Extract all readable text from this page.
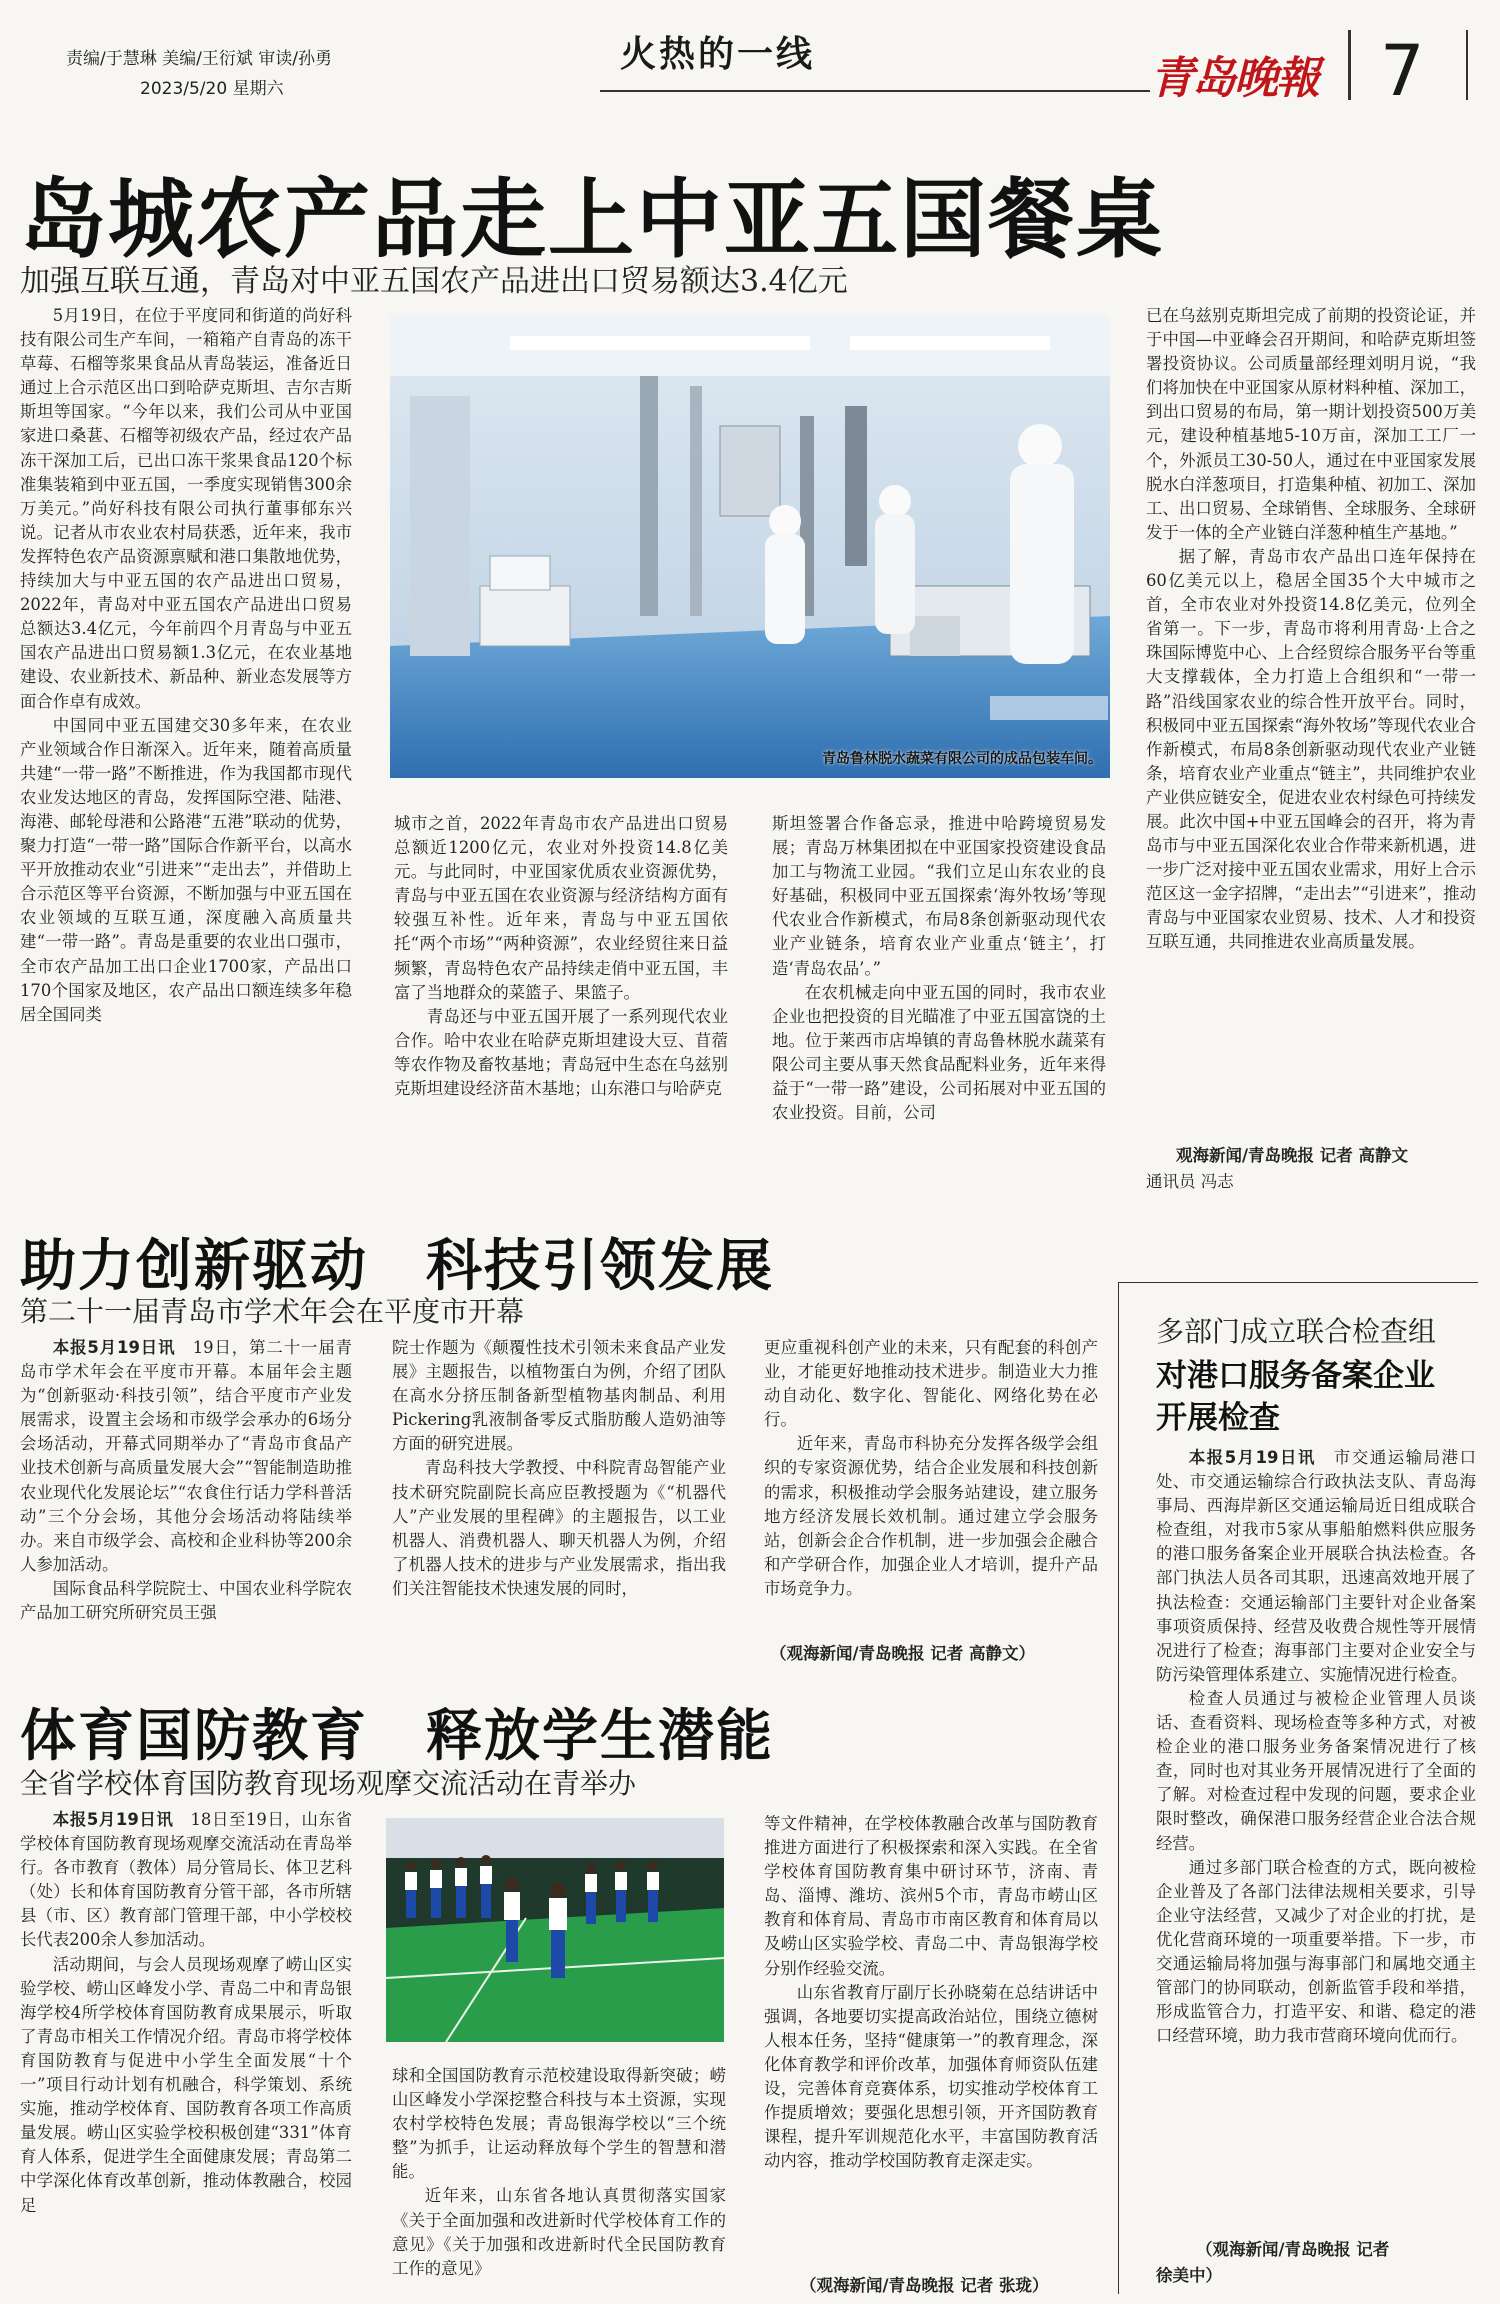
责编/于慧琳 美编/王衍斌 审读/孙勇
2023/5/20 星期六
火热的一线	青岛晚報 7
岛城农产品走上中亚五国餐桌
加强互联互通，青岛对中亚五国农产品进出口贸易额达3.4亿元

5月19日，在位于平度同和街道的尚好科技有限公司生产车间，一箱箱产自青岛的冻干草莓、石榴等浆果食品从青岛装运，准备近日通过上合示范区出口到哈萨克斯坦、吉尔吉斯斯坦等国家。“今年以来，我们公司从中亚国家进口桑葚、石榴等初级农产品，经过农产品冻干深加工后，已出口冻干浆果食品120个标准集装箱到中亚五国，一季度实现销售300余万美元。”尚好科技有限公司执行董事郁东兴说。记者从市农业农村局获悉，近年来，我市发挥特色农产品资源禀赋和港口集散地优势，持续加大与中亚五国的农产品进出口贸易，2022年，青岛对中亚五国农产品进出口贸易总额达3.4亿元，今年前四个月青岛与中亚五国农产品进出口贸易额1.3亿元，在农业基地建设、农业新技术、新品种、新业态发展等方面合作卓有成效。

中国同中亚五国建交30多年来，在农业产业领域合作日渐深入。近年来，随着高质量共建“一带一路”不断推进，作为我国都市现代农业发达地区的青岛，发挥国际空港、陆港、海港、邮轮母港和公路港“五港”联动的优势，聚力打造“一带一路”国际合作新平台，以高水平开放推动农业“引进来”“走出去”，并借助上合示范区等平台资源，不断加强与中亚五国在农业领域的互联互通，深度融入高质量共建“一带一路”。青岛是重要的农业出口强市，全市农产品加工出口企业1700家，产品出口170个国家及地区，农产品出口额连续多年稳居全国同类

青岛鲁林脱水蔬菜有限公司的成品包装车间。

城市之首，2022年青岛市农产品进出口贸易总额近1200亿元，农业对外投资14.8亿美元。与此同时，中亚国家优质农业资源优势，青岛与中亚五国在农业资源与经济结构方面有较强互补性。近年来，青岛与中亚五国依托“两个市场”“两种资源”，农业经贸往来日益频繁，青岛特色农产品持续走俏中亚五国，丰富了当地群众的菜篮子、果篮子。

青岛还与中亚五国开展了一系列现代农业合作。哈中农业在哈萨克斯坦建设大豆、苜蓿等农作物及畜牧基地；青岛冠中生态在乌兹别克斯坦建设经济苗木基地；山东港口与哈萨克

斯坦签署合作备忘录，推进中哈跨境贸易发展；青岛万林集团拟在中亚国家投资建设食品加工与物流工业园。“我们立足山东农业的良好基础，积极同中亚五国探索‘海外牧场’等现代农业合作新模式，布局8条创新驱动现代农业产业链条，培育农业产业重点‘链主’，打造‘青岛农品’。”

在农机械走向中亚五国的同时，我市农业企业也把投资的目光瞄准了中亚五国富饶的土地。位于莱西市店埠镇的青岛鲁林脱水蔬菜有限公司主要从事天然食品配料业务，近年来得益于“一带一路”建设，公司拓展对中亚五国的农业投资。目前，公司

已在乌兹别克斯坦完成了前期的投资论证，并于中国—中亚峰会召开期间，和哈萨克斯坦签署投资协议。公司质量部经理刘明月说，“我们将加快在中亚国家从原材料种植、深加工，到出口贸易的布局，第一期计划投资500万美元，建设种植基地5-10万亩，深加工工厂一个，外派员工30-50人，通过在中亚国家发展脱水白洋葱项目，打造集种植、初加工、深加工、出口贸易、全球销售、全球服务、全球研发于一体的全产业链白洋葱种植生产基地。”

据了解，青岛市农产品出口连年保持在60亿美元以上，稳居全国35个大中城市之首，全市农业对外投资14.8亿美元，位列全省第一。下一步，青岛市将利用青岛·上合之珠国际博览中心、上合经贸综合服务平台等重大支撑载体，全力打造上合组织和“一带一路”沿线国家农业的综合性开放平台。同时，积极同中亚五国探索“海外牧场”等现代农业合作新模式，布局8条创新驱动现代农业产业链条，培育农业产业重点“链主”，共同维护农业产业供应链安全，促进农业农村绿色可持续发展。此次中国+中亚五国峰会的召开，将为青岛市与中亚五国深化农业合作带来新机遇，进一步广泛对接中亚五国农业需求，用好上合示范区这一金字招牌，“走出去”“引进来”，推动青岛与中亚国家农业贸易、技术、人才和投资互联互通，共同推进农业高质量发展。

观海新闻/青岛晚报 记者 高静文
通讯员 冯志
助力创新驱动　科技引领发展
第二十一届青岛市学术年会在平度市开幕

本报5月19日讯　 19日，第二十一届青岛市学术年会在平度市开幕。本届年会主题为“创新驱动·科技引领”，结合平度市产业发展需求，设置主会场和市级学会承办的6场分会场活动，开幕式同期举办了“青岛市食品产业技术创新与高质量发展大会”“智能制造助推农业现代化发展论坛”“农食住行话力学科普活动”三个分会场，其他分会场活动将陆续举办。来自市级学会、高校和企业科协等200余人参加活动。

国际食品科学院院士、中国农业科学院农产品加工研究所研究员王强

院士作题为《颠覆性技术引领未来食品产业发展》主题报告，以植物蛋白为例，介绍了团队在高水分挤压制备新型植物基肉制品、利用Pickering乳液制备零反式脂肪酸人造奶油等方面的研究进展。

青岛科技大学教授、中科院青岛智能产业技术研究院副院长高应臣教授题为《“机器代人”产业发展的里程碑》的主题报告，以工业机器人、消费机器人、聊天机器人为例，介绍了机器人技术的进步与产业发展需求，指出我们关注智能技术快速发展的同时，

更应重视科创产业的未来，只有配套的科创产业，才能更好地推动技术进步。制造业大力推动自动化、数字化、智能化、网络化势在必行。

近年来，青岛市科协充分发挥各级学会组织的专家资源优势，结合企业发展和科技创新的需求，积极推动学会服务站建设，建立服务地方经济发展长效机制。通过建立学会服务站，创新会企合作机制，进一步加强会企融合和产学研合作，加强企业人才培训，提升产品市场竞争力。

（观海新闻/青岛晚报 记者 高静文）
多部门成立联合检查组
对港口服务备案企业
开展检查

本报5月19日讯　 市交通运输局港口处、市交通运输综合行政执法支队、青岛海事局、西海岸新区交通运输局近日组成联合检查组，对我市5家从事船舶燃料供应服务的港口服务备案企业开展联合执法检查。各部门执法人员各司其职，迅速高效地开展了执法检查：交通运输部门主要针对企业备案事项资质保持、经营及收费合规性等开展情况进行了检查；海事部门主要对企业安全与防污染管理体系建立、实施情况进行检查。

检查人员通过与被检企业管理人员谈话、查看资料、现场检查等多种方式，对被检企业的港口服务业务备案情况进行了核查，同时也对其业务开展情况进行了全面的了解。对检查过程中发现的问题，要求企业限时整改，确保港口服务经营企业合法合规经营。

通过多部门联合检查的方式，既向被检企业普及了各部门法律法规相关要求，引导企业守法经营，又减少了对企业的打扰，是优化营商环境的一项重要举措。下一步，市交通运输局将加强与海事部门和属地交通主管部门的协同联动，创新监管手段和举措，形成监管合力，打造平安、和谐、稳定的港口经营环境，助力我市营商环境向优而行。

（观海新闻/青岛晚报 记者
徐美中）
体育国防教育　释放学生潜能
全省学校体育国防教育现场观摩交流活动在青举办

本报5月19日讯　 18日至19日，山东省学校体育国防教育现场观摩交流活动在青岛举行。各市教育（教体）局分管局长、体卫艺科（处）长和体育国防教育分管干部，各市所辖县（市、区）教育部门管理干部，中小学校校长代表200余人参加活动。

活动期间，与会人员现场观摩了崂山区实验学校、崂山区峰发小学、青岛二中和青岛银海学校4所学校体育国防教育成果展示，听取了青岛市相关工作情况介绍。青岛市将学校体育国防教育与促进中小学生全面发展“十个一”项目行动计划有机融合，科学策划、系统实施，推动学校体育、国防教育各项工作高质量发展。崂山区实验学校积极创建“331”体育育人体系，促进学生全面健康发展；青岛第二中学深化体育改革创新，推动体教融合，校园足

球和全国国防教育示范校建设取得新突破；崂山区峰发小学深挖整合科技与本土资源，实现农村学校特色发展；青岛银海学校以“三个统整”为抓手，让运动释放每个学生的智慧和潜能。

近年来，山东省各地认真贯彻落实国家《关于全面加强和改进新时代学校体育工作的意见》《关于加强和改进新时代全民国防教育工作的意见》

等文件精神，在学校体教融合改革与国防教育推进方面进行了积极探索和深入实践。在全省学校体育国防教育集中研讨环节，济南、青岛、淄博、潍坊、滨州5个市，青岛市崂山区教育和体育局、青岛市市南区教育和体育局以及崂山区实验学校、青岛二中、青岛银海学校分别作经验交流。

山东省教育厅副厅长孙晓菊在总结讲话中强调，各地要切实提高政治站位，围绕立德树人根本任务，坚持“健康第一”的教育理念，深化体育教学和评价改革，加强体育师资队伍建设，完善体育竞赛体系，切实推动学校体育工作提质增效；要强化思想引领，开齐国防教育课程，提升军训规范化水平，丰富国防教育活动内容，推动学校国防教育走深走实。

（观海新闻/青岛晚报 记者 张珑）
